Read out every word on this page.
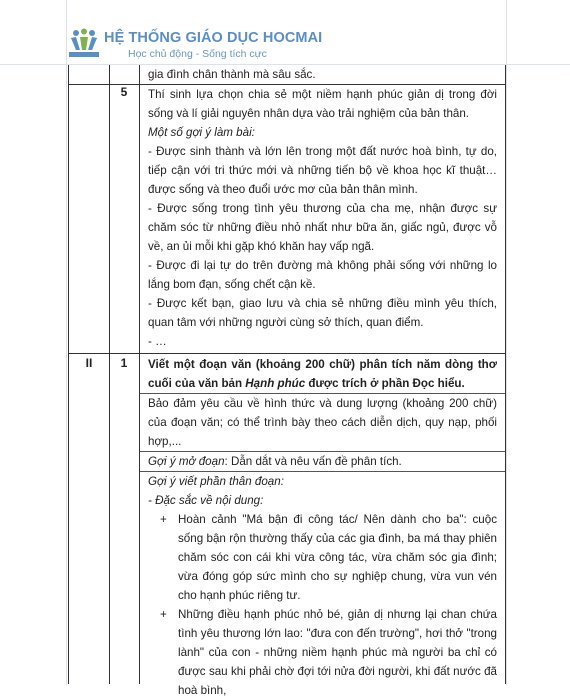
HỆ THỐNG GIÁO DỤC HOCMAI
Học chủ động - Sống tích cực

gia đình chân thành mà sâu sắc.

5	Thí sinh lựa chọn chia sẻ một niềm hạnh phúc giản dị trong đời sống và lí giải nguyên nhân dựa vào trải nghiệm của bản thân.

Một số gợi ý làm bài:

- Được sinh thành và lớn lên trong một đất nước hoà bình, tự do, tiếp cận với tri thức mới và những tiến bộ về khoa học kĩ thuật… được sống và theo đuổi ước mơ của bản thân mình.

- Được sống trong tình yêu thương của cha mẹ, nhận được sự chăm sóc từ những điều nhỏ nhất như bữa ăn, giấc ngủ, được vỗ về, an ủi mỗi khi gặp khó khăn hay vấp ngã.

- Được đi lại tự do trên đường mà không phải sống với những lo lắng bom đạn, sống chết cận kề.

- Được kết bạn, giao lưu và chia sẻ những điều mình yêu thích, quan tâm với những người cùng sở thích, quan điểm.

- …

II	1	Viết một đoạn văn (khoảng 200 chữ) phân tích năm dòng thơ cuối của văn bản Hạnh phúc được trích ở phần Đọc hiểu.

Bảo đảm yêu cầu về hình thức và dung lượng (khoảng 200 chữ) của đoạn văn; có thể trình bày theo cách diễn dịch, quy nạp, phối hợp,...

Gợi ý mở đoạn: Dẫn dắt và nêu vấn đề phân tích.

Gợi ý viết phần thân đoạn:

- Đặc sắc về nội dung:

+ Hoàn cảnh "Má bận đi công tác/ Nên dành cho ba": cuộc sống bận rộn thường thấy của các gia đình, ba má thay phiên chăm sóc con cái khi vừa công tác, vừa chăm sóc gia đình; vừa đóng góp sức mình cho sự nghiệp chung, vừa vun vén cho hạnh phúc riêng tư.

+ Những điều hạnh phúc nhỏ bé, giản dị nhưng lại chan chứa tình yêu thương lớn lao: "đưa con đến trường", hơi thở "trong lành" của con - những niềm hạnh phúc mà người ba chỉ có được sau khi phải chờ đợi tới nửa đời người, khi đất nước đã hoà bình,
